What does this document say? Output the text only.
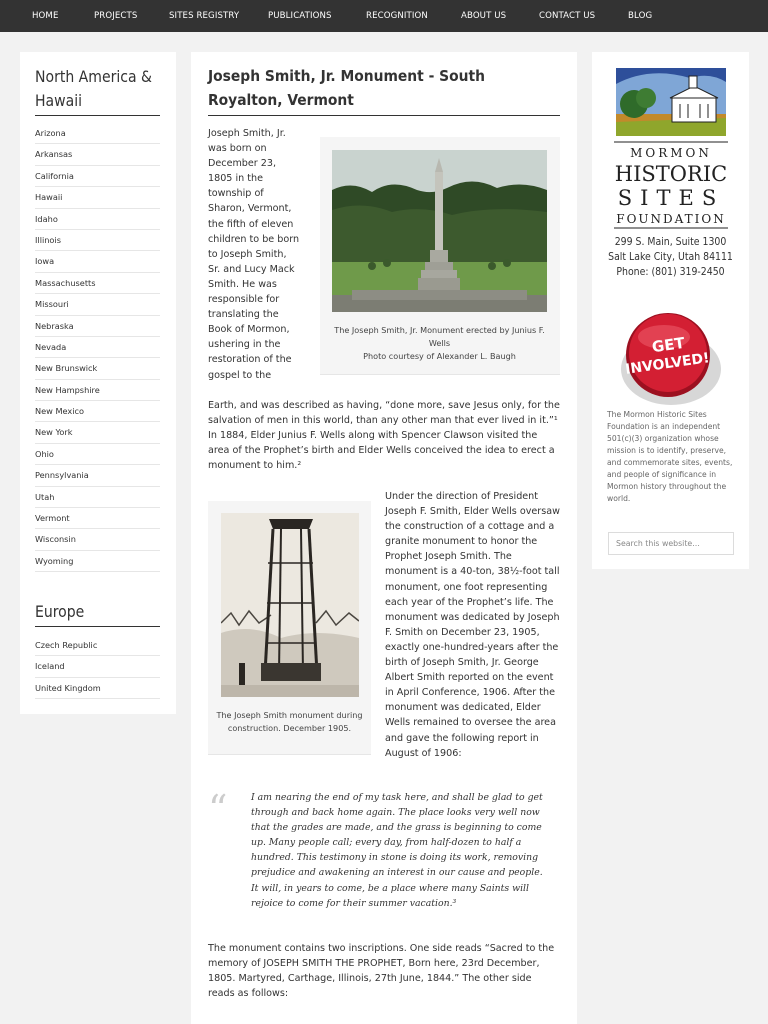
HOME	PROJECTS	SITES REGISTRY	PUBLICATIONS	RECOGNITION	ABOUT US	CONTACT US	BLOG
North America & Hawaii
Arizona
Arkansas
California
Hawaii
Idaho
Illinois
Iowa
Massachusetts
Missouri
Nebraska
Nevada
New Brunswick
New Hampshire
New Mexico
New York
Ohio
Pennsylvania
Utah
Vermont
Wisconsin
Wyoming
Europe
Czech Republic
Iceland
United Kingdom
Joseph Smith, Jr. Monument - South Royalton, Vermont
Joseph Smith, Jr. was born on December 23, 1805 in the township of Sharon, Vermont, the fifth of eleven children to be born to Joseph Smith, Sr. and Lucy Mack Smith. He was responsible for translating the Book of Mormon, ushering in the restoration of the gospel to the
The Joseph Smith, Jr. Monument erected by Junius F. Wells
Photo courtesy of Alexander L. Baugh
Earth, and was described as having, “done more, save Jesus only, for the salvation of men in this world, than any other man that ever lived in it.”¹ In 1884, Elder Junius F. Wells along with Spencer Clawson visited the area of the Prophet’s birth and Elder Wells conceived the idea to erect a monument to him.²
The Joseph Smith monument during construction. December 1905.
Under the direction of President Joseph F. Smith, Elder Wells oversaw the construction of a cottage and a granite monument to honor the Prophet Joseph Smith. The monument is a 40-ton, 38½-foot tall monument, one foot representing each year of the Prophet’s life. The monument was dedicated by Joseph F. Smith on December 23, 1905, exactly one-hundred-years after the birth of Joseph Smith, Jr. George Albert Smith reported on the event in April Conference, 1906. After the monument was dedicated, Elder Wells remained to oversee the area and gave the following report in August of 1906:
“	I am nearing the end of my task here, and shall be glad to get through and back home again. The place looks very well now that the grades are made, and the grass is beginning to come up. Many people call; every day, from half-dozen to half a hundred. This testimony in stone is doing its work, removing prejudice and awakening an interest in our cause and people. It will, in years to come, be a place where many Saints will rejoice to come for their summer vacation.³
The monument contains two inscriptions. One side reads “Sacred to the memory of JOSEPH SMITH THE PROPHET, Born here, 23rd December, 1805. Martyred, Carthage, Illinois, 27th June, 1844.” The other side reads as follows:
MORMON
HISTORIC
SITES
FOUNDATION
299 S. Main, Suite 1300
Salt Lake City, Utah 84111
Phone: (801) 319-2450
GET
INVOLVED!
The Mormon Historic Sites Foundation is an independent 501(c)(3) organization whose mission is to identify, preserve, and commemorate sites, events, and people of significance in Mormon history throughout the world.
Search this website…
